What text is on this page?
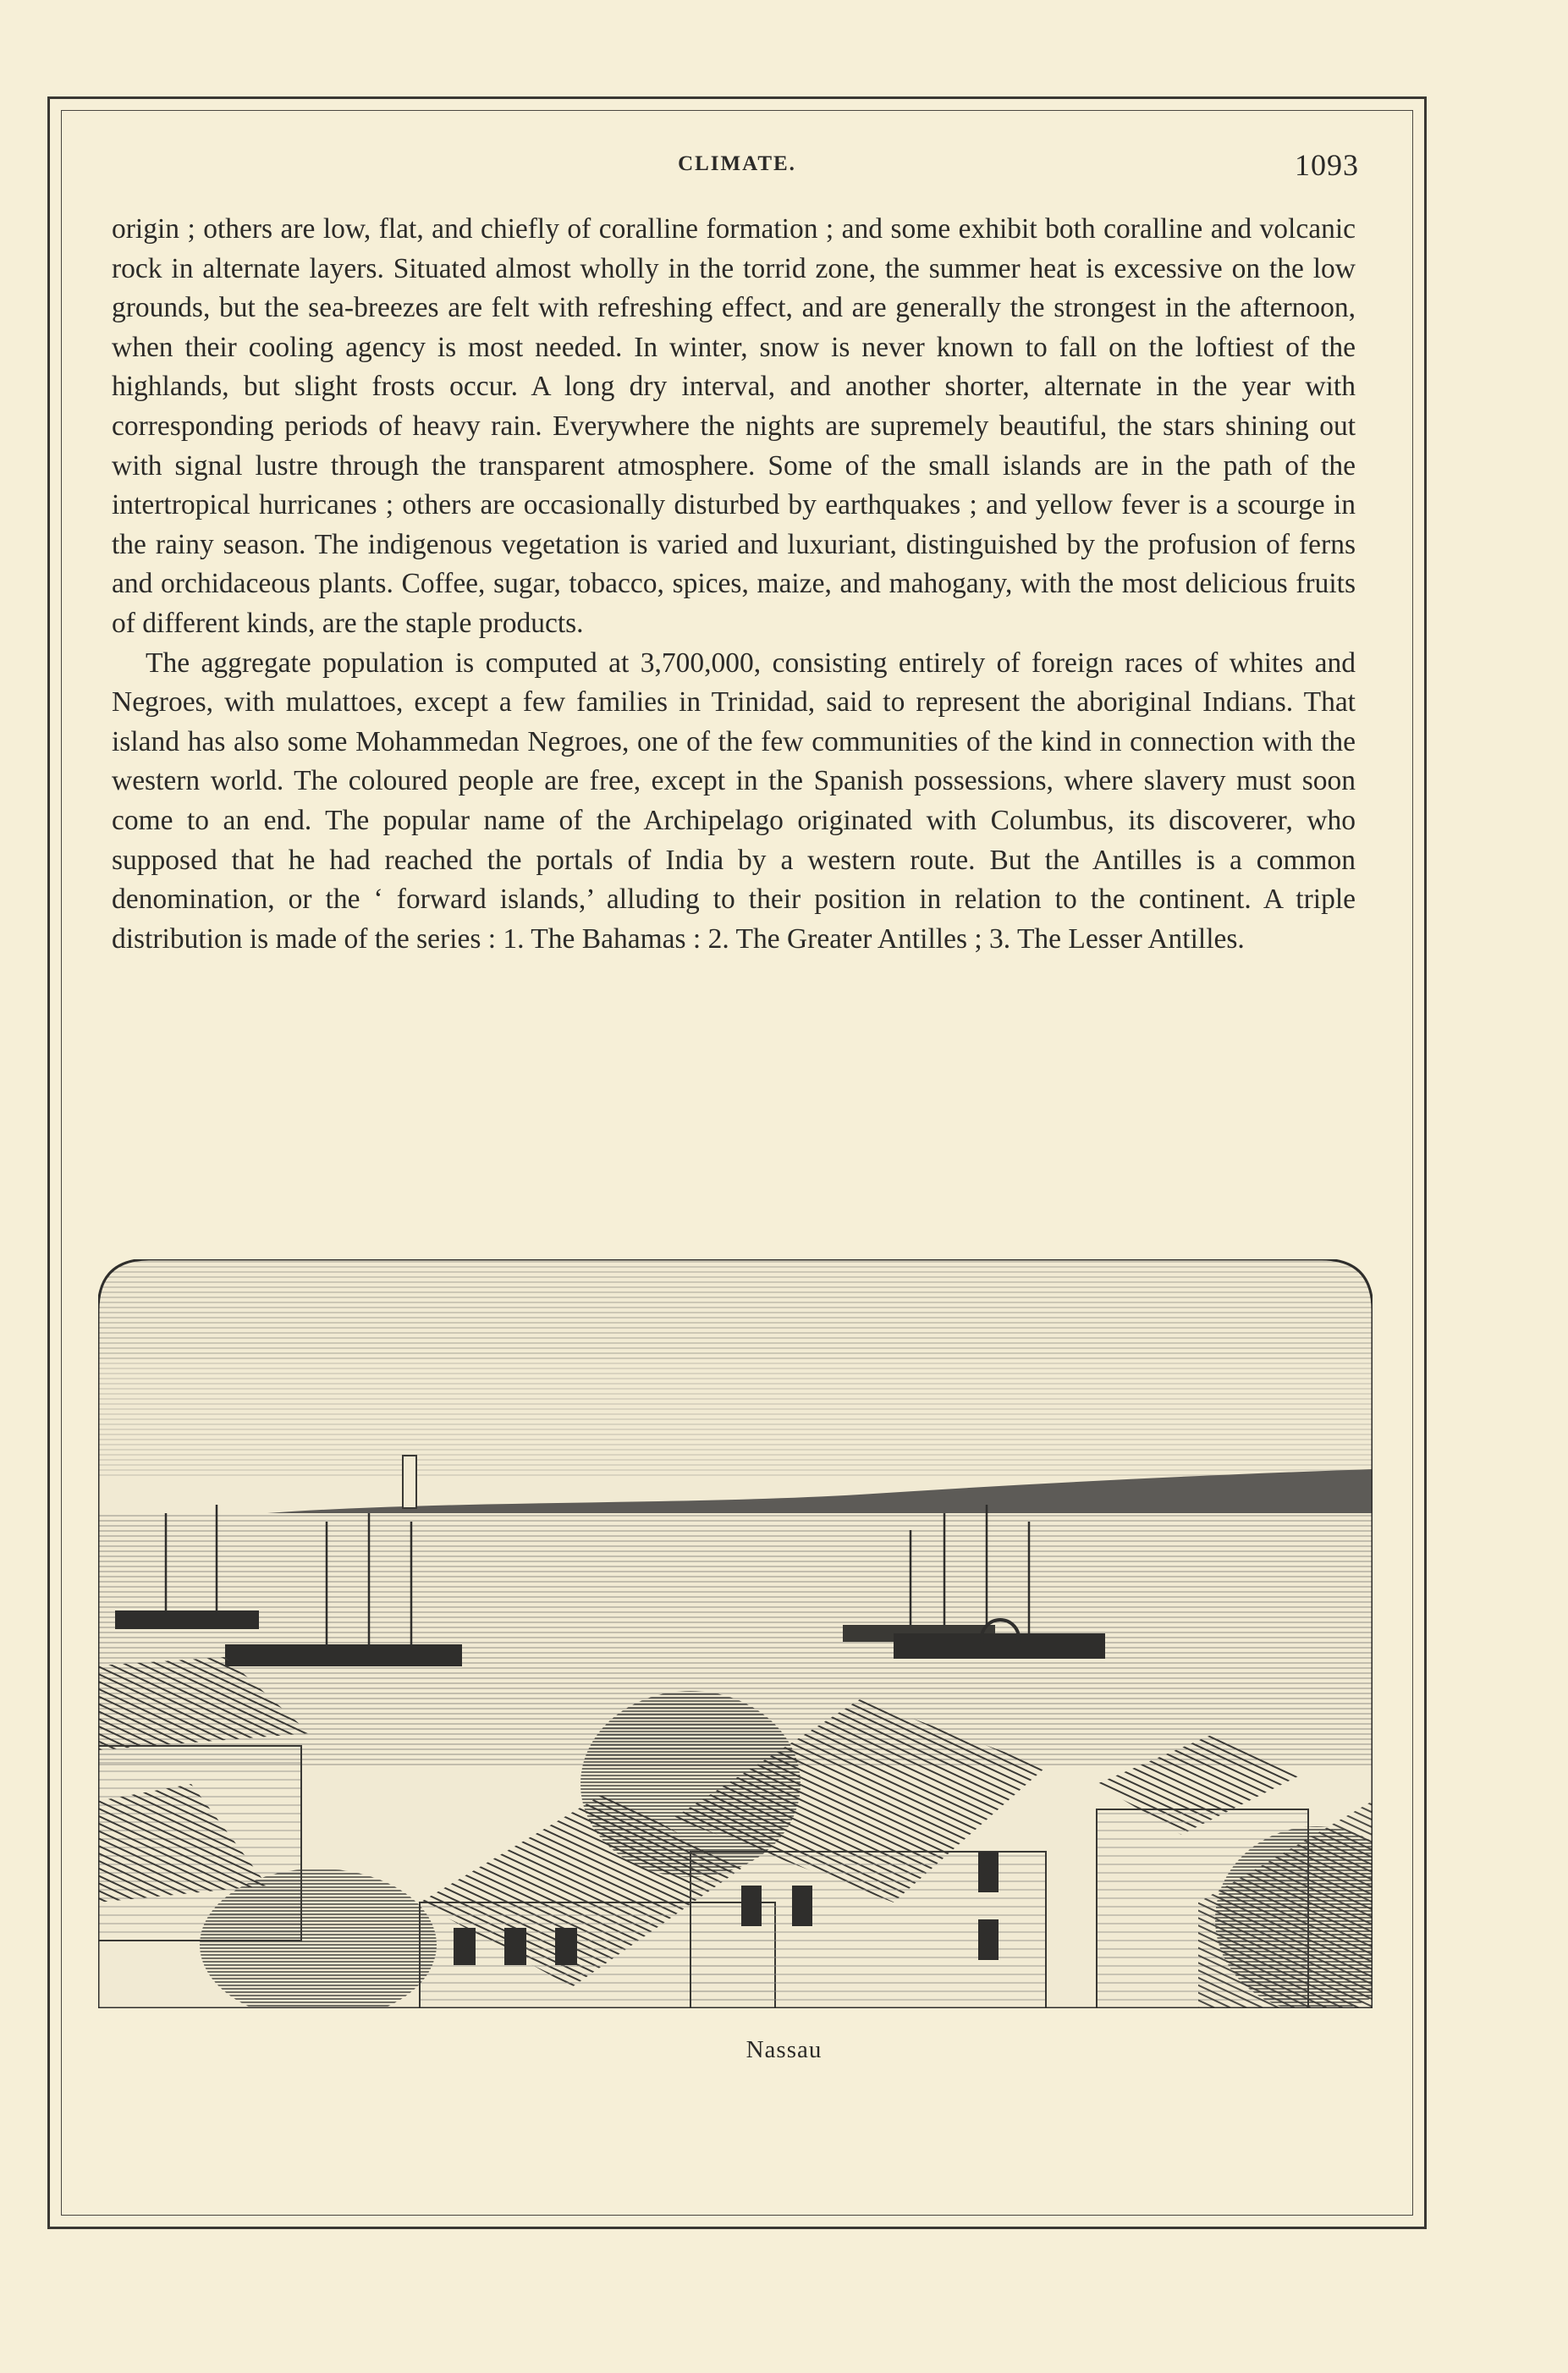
CLIMATE.	1093

origin ; others are low, flat, and chiefly of coralline formation ; and some exhibit both coralline and volcanic rock in alternate layers. Situated almost wholly in the torrid zone, the summer heat is excessive on the low grounds, but the sea-breezes are felt with refreshing effect, and are generally the strongest in the afternoon, when their cooling agency is most needed. In winter, snow is never known to fall on the loftiest of the highlands, but slight frosts occur. A long dry interval, and another shorter, alternate in the year with corresponding periods of heavy rain. Everywhere the nights are supremely beautiful, the stars shining out with signal lustre through the transparent atmosphere. Some of the small islands are in the path of the intertropical hurricanes ; others are occasionally disturbed by earthquakes ; and yellow fever is a scourge in the rainy season. The indigenous vegetation is varied and luxuriant, distinguished by the profusion of ferns and orchidaceous plants. Coffee, sugar, tobacco, spices, maize, and mahogany, with the most delicious fruits of different kinds, are the staple products.

The aggregate population is computed at 3,700,000, consisting entirely of foreign races of whites and Negroes, with mulattoes, except a few families in Trinidad, said to represent the aboriginal Indians. That island has also some Mohammedan Negroes, one of the few communities of the kind in connection with the western world. The coloured people are free, except in the Spanish possessions, where slavery must soon come to an end. The popular name of the Archipelago originated with Columbus, its discoverer, who supposed that he had reached the portals of India by a western route. But the Antilles is a common denomination, or the ‘ forward islands,’ alluding to their position in relation to the continent. A triple distribution is made of the series : 1. The Bahamas : 2. The Greater Antilles ; 3. The Lesser Antilles.

Nassau
